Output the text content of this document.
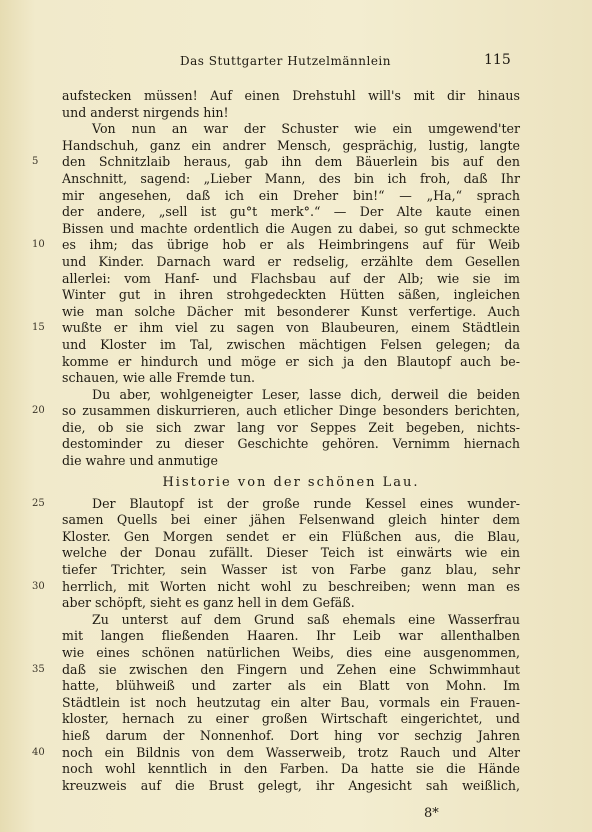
Das Stuttgarter Hutzelmännlein	115
aufstecken müssen! Auf einen Drehstuhl will's mit dir hinaus
und anderst nirgends hin!
Von nun an war der Schuster wie ein umgewend'ter
Handschuh, ganz ein andrer Mensch, gesprächig, lustig, langte
den Schnitzlaib heraus, gab ihn dem Bäuerlein bis auf den
5
Anschnitt, sagend: „Lieber Mann, des bin ich froh, daß Ihr
mir angesehen, daß ich ein Dreher bin!“ — „Ha,“ sprach
der andere, „sell ist gu°t merk°.“ — Der Alte kaute einen
Bissen und machte ordentlich die Augen zu dabei, so gut schmeckte
es ihm; das übrige hob er als Heimbringens auf für Weib
10
und Kinder. Darnach ward er redselig, erzählte dem Gesellen
allerlei: vom Hanf- und Flachsbau auf der Alb; wie sie im
Winter gut in ihren strohgedeckten Hütten säßen, ingleichen
wie man solche Dächer mit besonderer Kunst verfertige. Auch
wußte er ihm viel zu sagen von Blaubeuren, einem Städtlein
15
und Kloster im Tal, zwischen mächtigen Felsen gelegen; da
komme er hindurch und möge er sich ja den Blautopf auch be-
schauen, wie alle Fremde tun.
Du aber, wohlgeneigter Leser, lasse dich, derweil die beiden
so zusammen diskurrieren, auch etlicher Dinge besonders berichten,
20
die, ob sie sich zwar lang vor Seppes Zeit begeben, nichts-
destominder zu dieser Geschichte gehören. Vernimm hiernach
die wahre und anmutige
Historie von der schönen Lau.
Der Blautopf ist der große runde Kessel eines wunder-
25
samen Quells bei einer jähen Felsenwand gleich hinter dem
Kloster. Gen Morgen sendet er ein Flüßchen aus, die Blau,
welche der Donau zufällt. Dieser Teich ist einwärts wie ein
tiefer Trichter, sein Wasser ist von Farbe ganz blau, sehr
herrlich, mit Worten nicht wohl zu beschreiben; wenn man es
30
aber schöpft, sieht es ganz hell in dem Gefäß.
Zu unterst auf dem Grund saß ehemals eine Wasserfrau
mit langen fließenden Haaren. Ihr Leib war allenthalben
wie eines schönen natürlichen Weibs, dies eine ausgenommen,
daß sie zwischen den Fingern und Zehen eine Schwimmhaut
35
hatte, blühweiß und zarter als ein Blatt von Mohn. Im
Städtlein ist noch heutzutag ein alter Bau, vormals ein Frauen-
kloster, hernach zu einer großen Wirtschaft eingerichtet, und
hieß darum der Nonnenhof. Dort hing vor sechzig Jahren
noch ein Bildnis von dem Wasserweib, trotz Rauch und Alter
40
noch wohl kenntlich in den Farben. Da hatte sie die Hände
kreuzweis auf die Brust gelegt, ihr Angesicht sah weißlich,
8*
